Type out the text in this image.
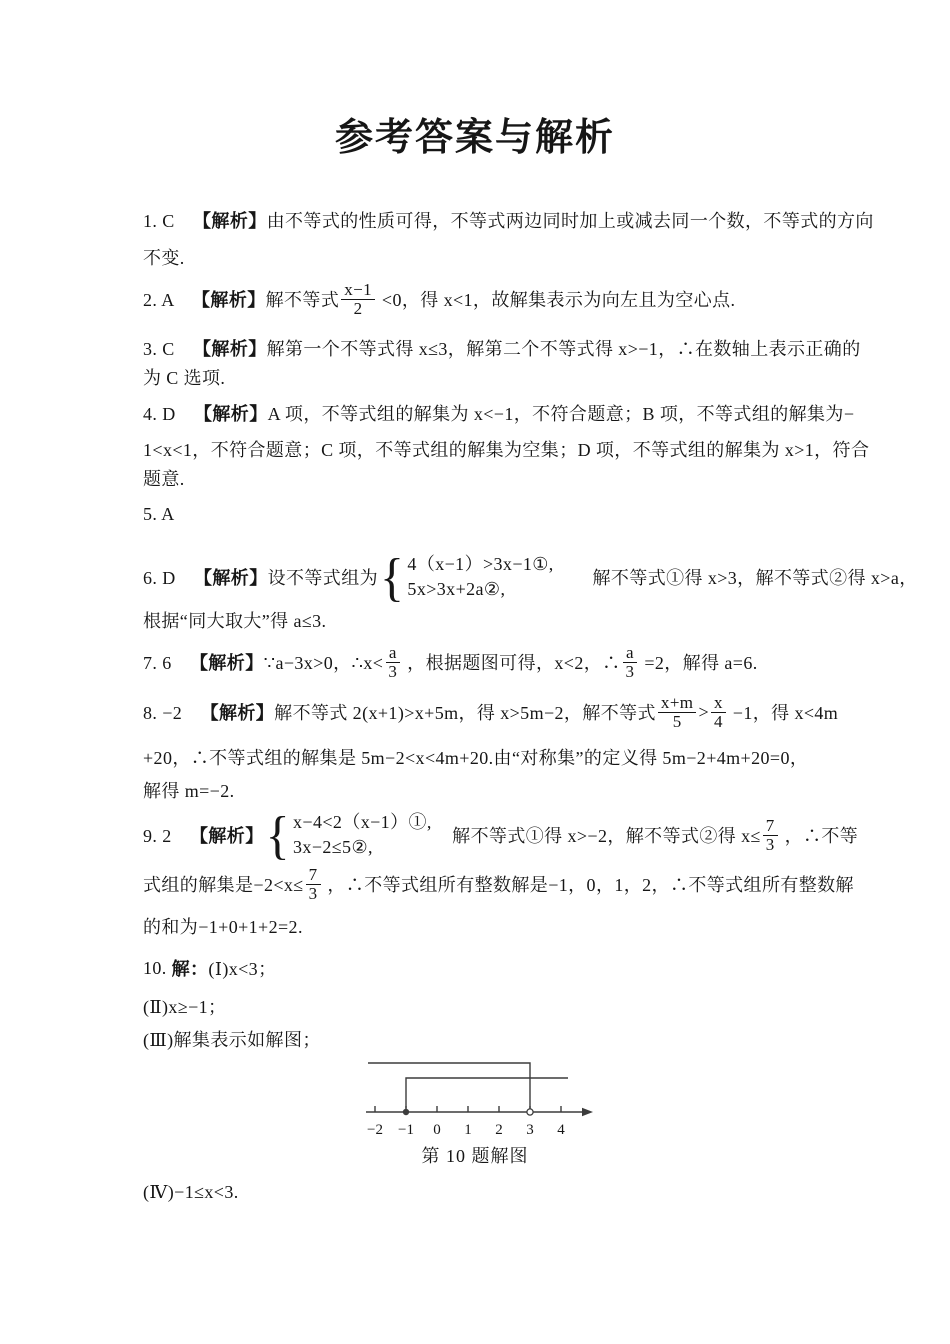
参考答案与解析
1. C　 【解析】 由不等式的性质可得，不等式两边同时加上或减去同一个数，不等式的方向
不变.
2. A　 【解析】 解不等式 $\frac{x-1}{2} <0$，得 x<1，故解集表示为向左且为空心点.
3. C　 【解析】 解第一个不等式得 x≤3，解第二个不等式得 x>−1，∴在数轴上表示正确的
为 C 选项.
4. D　 【解析】 A 项，不等式组的解集为 x<−1，不符合题意；B 项，不等式组的解集为−
1<x<1，不符合题意；C 项，不等式组的解集为空集；D 项，不等式组的解集为 x>1，符合
题意.
5. A
6. D　 【解析】 设不等式组为 { 4（x−1）>3x−1①,
5x>3x+2a②,
　　解不等式①得 x>3，解不等式②得 x>a，
根据“同大取大”得 a≤3.
7. 6　 【解析】 ∵a−3x>0，∴x< $\frac{a}{3}$ ，根据题图可得，x<2，∴ $\frac{a}{3} =2$，解得 a=6.
8. −2　 【解析】 解不等式 2(x+1)>x+5m，得 x>5m−2，解不等式 $\frac{x+m}{5} > \frac{x}{4} -1$，得 x<4m
+20，∴不等式组的解集是 5m−2<x<4m+20.由“对称集”的定义得 5m−2+4m+20=0，
解得 m=−2.
9. 2　 【解析】 { x−4<2（x−1）①,
3x−2≤5②,
　解不等式①得 x>−2，解不等式②得 $x\le \frac{7}{3}$ ，∴不等
式组的解集是$-2<x\le \frac{7}{3}$ ，∴不等式组所有整数解是−1，0，1，2，∴不等式组所有整数解
的和为−1+0+1+2=2.
10. 解： (Ⅰ)x<3；
(Ⅱ)x≥−1；
(Ⅲ)解集表示如解图；
(Ⅳ)−1≤x<3.
−2 −1 0 1 2 3 4
第 10 题解图
